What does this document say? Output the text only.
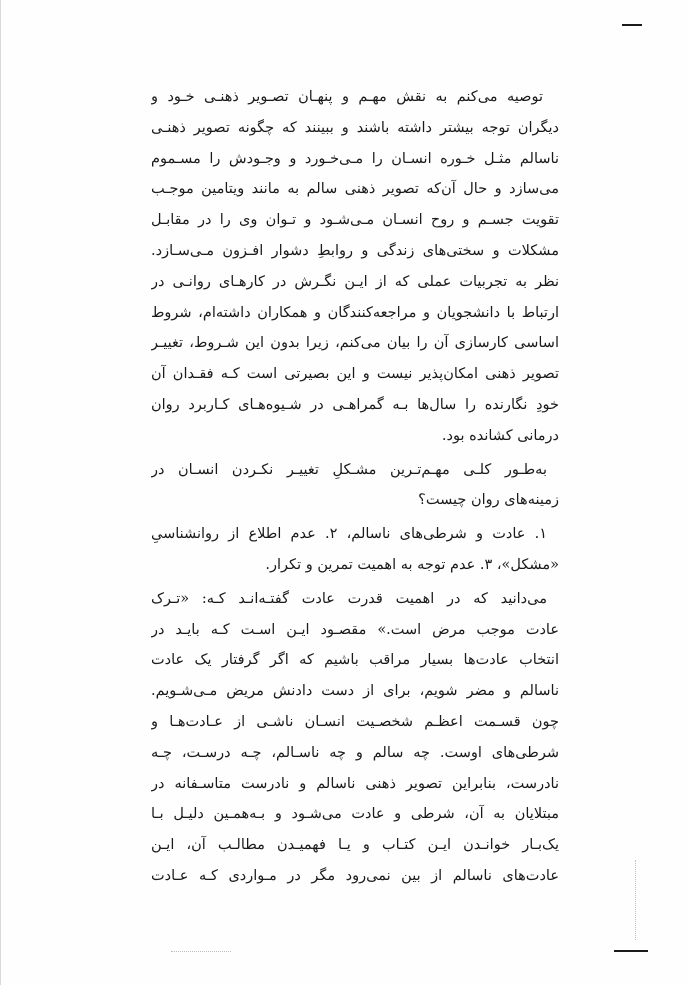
توصیه می‌کنم به نقش مهـم و پنهـان تصـویر ذهنـی خـود و
دیگران توجه بیشتر داشته باشند و ببینند که چگونه تصویر ذهنـی
ناسالم مثـل خـوره انسـان را مـی‌خـورد و وجـودش را مسـموم
می‌سازد و حال آن‌که تصویر ذهنی سالم به مانند ویتامین موجـب
تقویت جسـم و روح انسـان مـی‌شـود و تـوان وی را در مقابـل
مشکلات و سختی‌های زندگی و روابطِ دشوار افـزون مـی‌سـازد.
نظر به تجربیات عملی که از ایـن نگـرش در کارهـای روانـی در
ارتباط با دانشجویان و مراجعه‌کنندگان و همکاران داشته‌ام، شروط
اساسی کارسازی آن را بیان می‌کنم، زیرا بدون این شـروط، تغییـر
تصویر ذهنی امکان‌پذیر نیست و این بصیرتی است کـه فقـدان آن
خودِ نگارنده را سال‌ها بـه گمراهـی در شـیوه‌هـای کـاربرد روان
درمانی کشانده بود.
به‌طـور کلـی مهـم‌تـرین مشـکلِ تغییـر نکـردن انسـان در
زمینه‌های روان چیست؟
۱. عادت و شرطی‌های ناسالم، ۲. عدم اطلاع از روانشناسیِ
«مشکل»، ۳. عدم توجه به اهمیت تمرین و تکرار.
می‌دانید که در اهمیت قدرت عادت گفتـه‌انـد کـه: «تـرک
عادت موجب مرض است.» مقصـود ایـن اسـت کـه بایـد در
انتخاب عادت‌ها بسیار مراقب باشیم که اگر گرفتار یک عادت
ناسالم و مضر شویم، برای از دست دادنش مریض مـی‌شـویم.
چون قسـمت اعظـم شخصـیت انسـان ناشـی از عـادت‌هـا و
شرطی‌های اوست. چه سالم و چه ناسـالم، چـه درسـت، چـه
نادرست، بنابراین تصویر ذهنی ناسالم و نادرست متاسـفانه در
مبتلایان به آن، شرطی و عادت می‌شـود و بـه‌همـین دلیـل بـا
یک‌بـار خوانـدن ایـن کتـاب و یـا فهمیـدن مطالـب آن، ایـن
عادت‌های ناسالم از بین نمی‌رود مگر در مـواردی کـه عـادت
